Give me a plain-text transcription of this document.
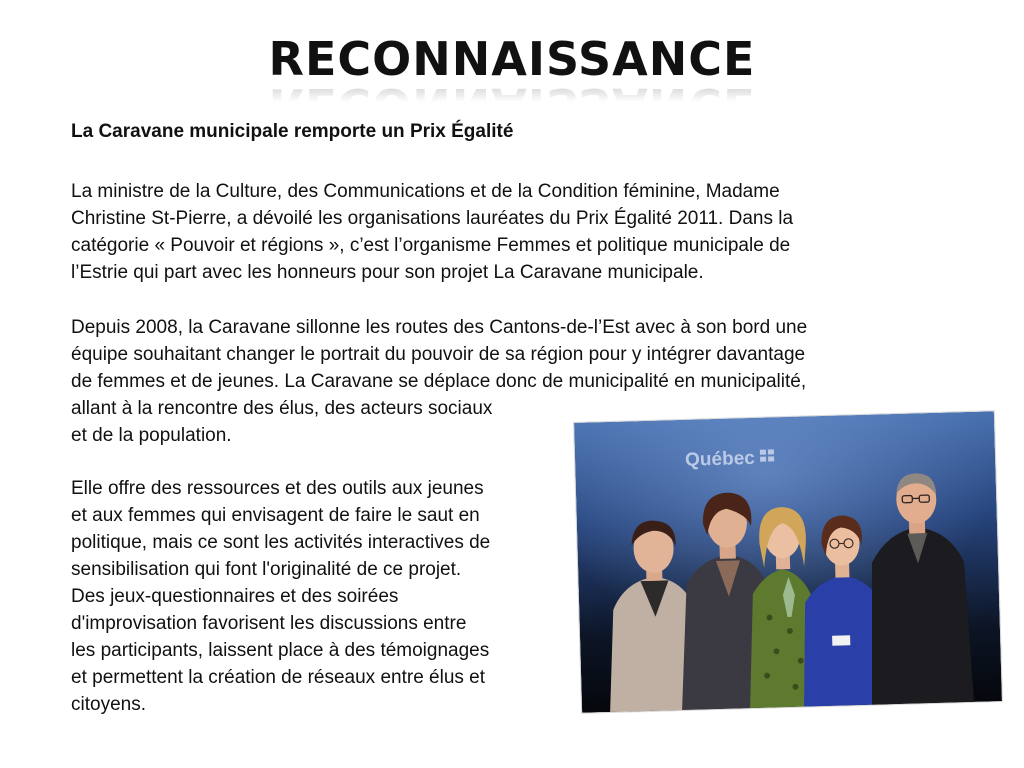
RECONNAISSANCE
La Caravane municipale remporte un Prix Égalité
La ministre de la Culture, des Communications et de la Condition féminine, Madame
Christine St-Pierre, a dévoilé les organisations lauréates du Prix Égalité 2011. Dans la
catégorie « Pouvoir et régions », c’est l’organisme Femmes et politique municipale de
l’Estrie qui part avec les honneurs pour son projet La Caravane municipale.
Depuis 2008, la Caravane sillonne les routes des Cantons-de-l’Est avec à son bord une
équipe souhaitant changer le portrait du pouvoir de sa région pour y intégrer davantage
de femmes et de jeunes. La Caravane se déplace donc de municipalité en municipalité,
allant à la rencontre des élus, des acteurs sociaux
et de la population.
Elle offre des ressources et des outils aux jeunes
et aux femmes qui envisagent de faire le saut en
politique, mais ce sont les activités interactives de
sensibilisation qui font l'originalité de ce projet.
Des jeux-questionnaires et des soirées
d'improvisation favorisent les discussions entre
les participants, laissent place à des témoignages
et permettent la création de réseaux entre élus et
citoyens.
Québec
